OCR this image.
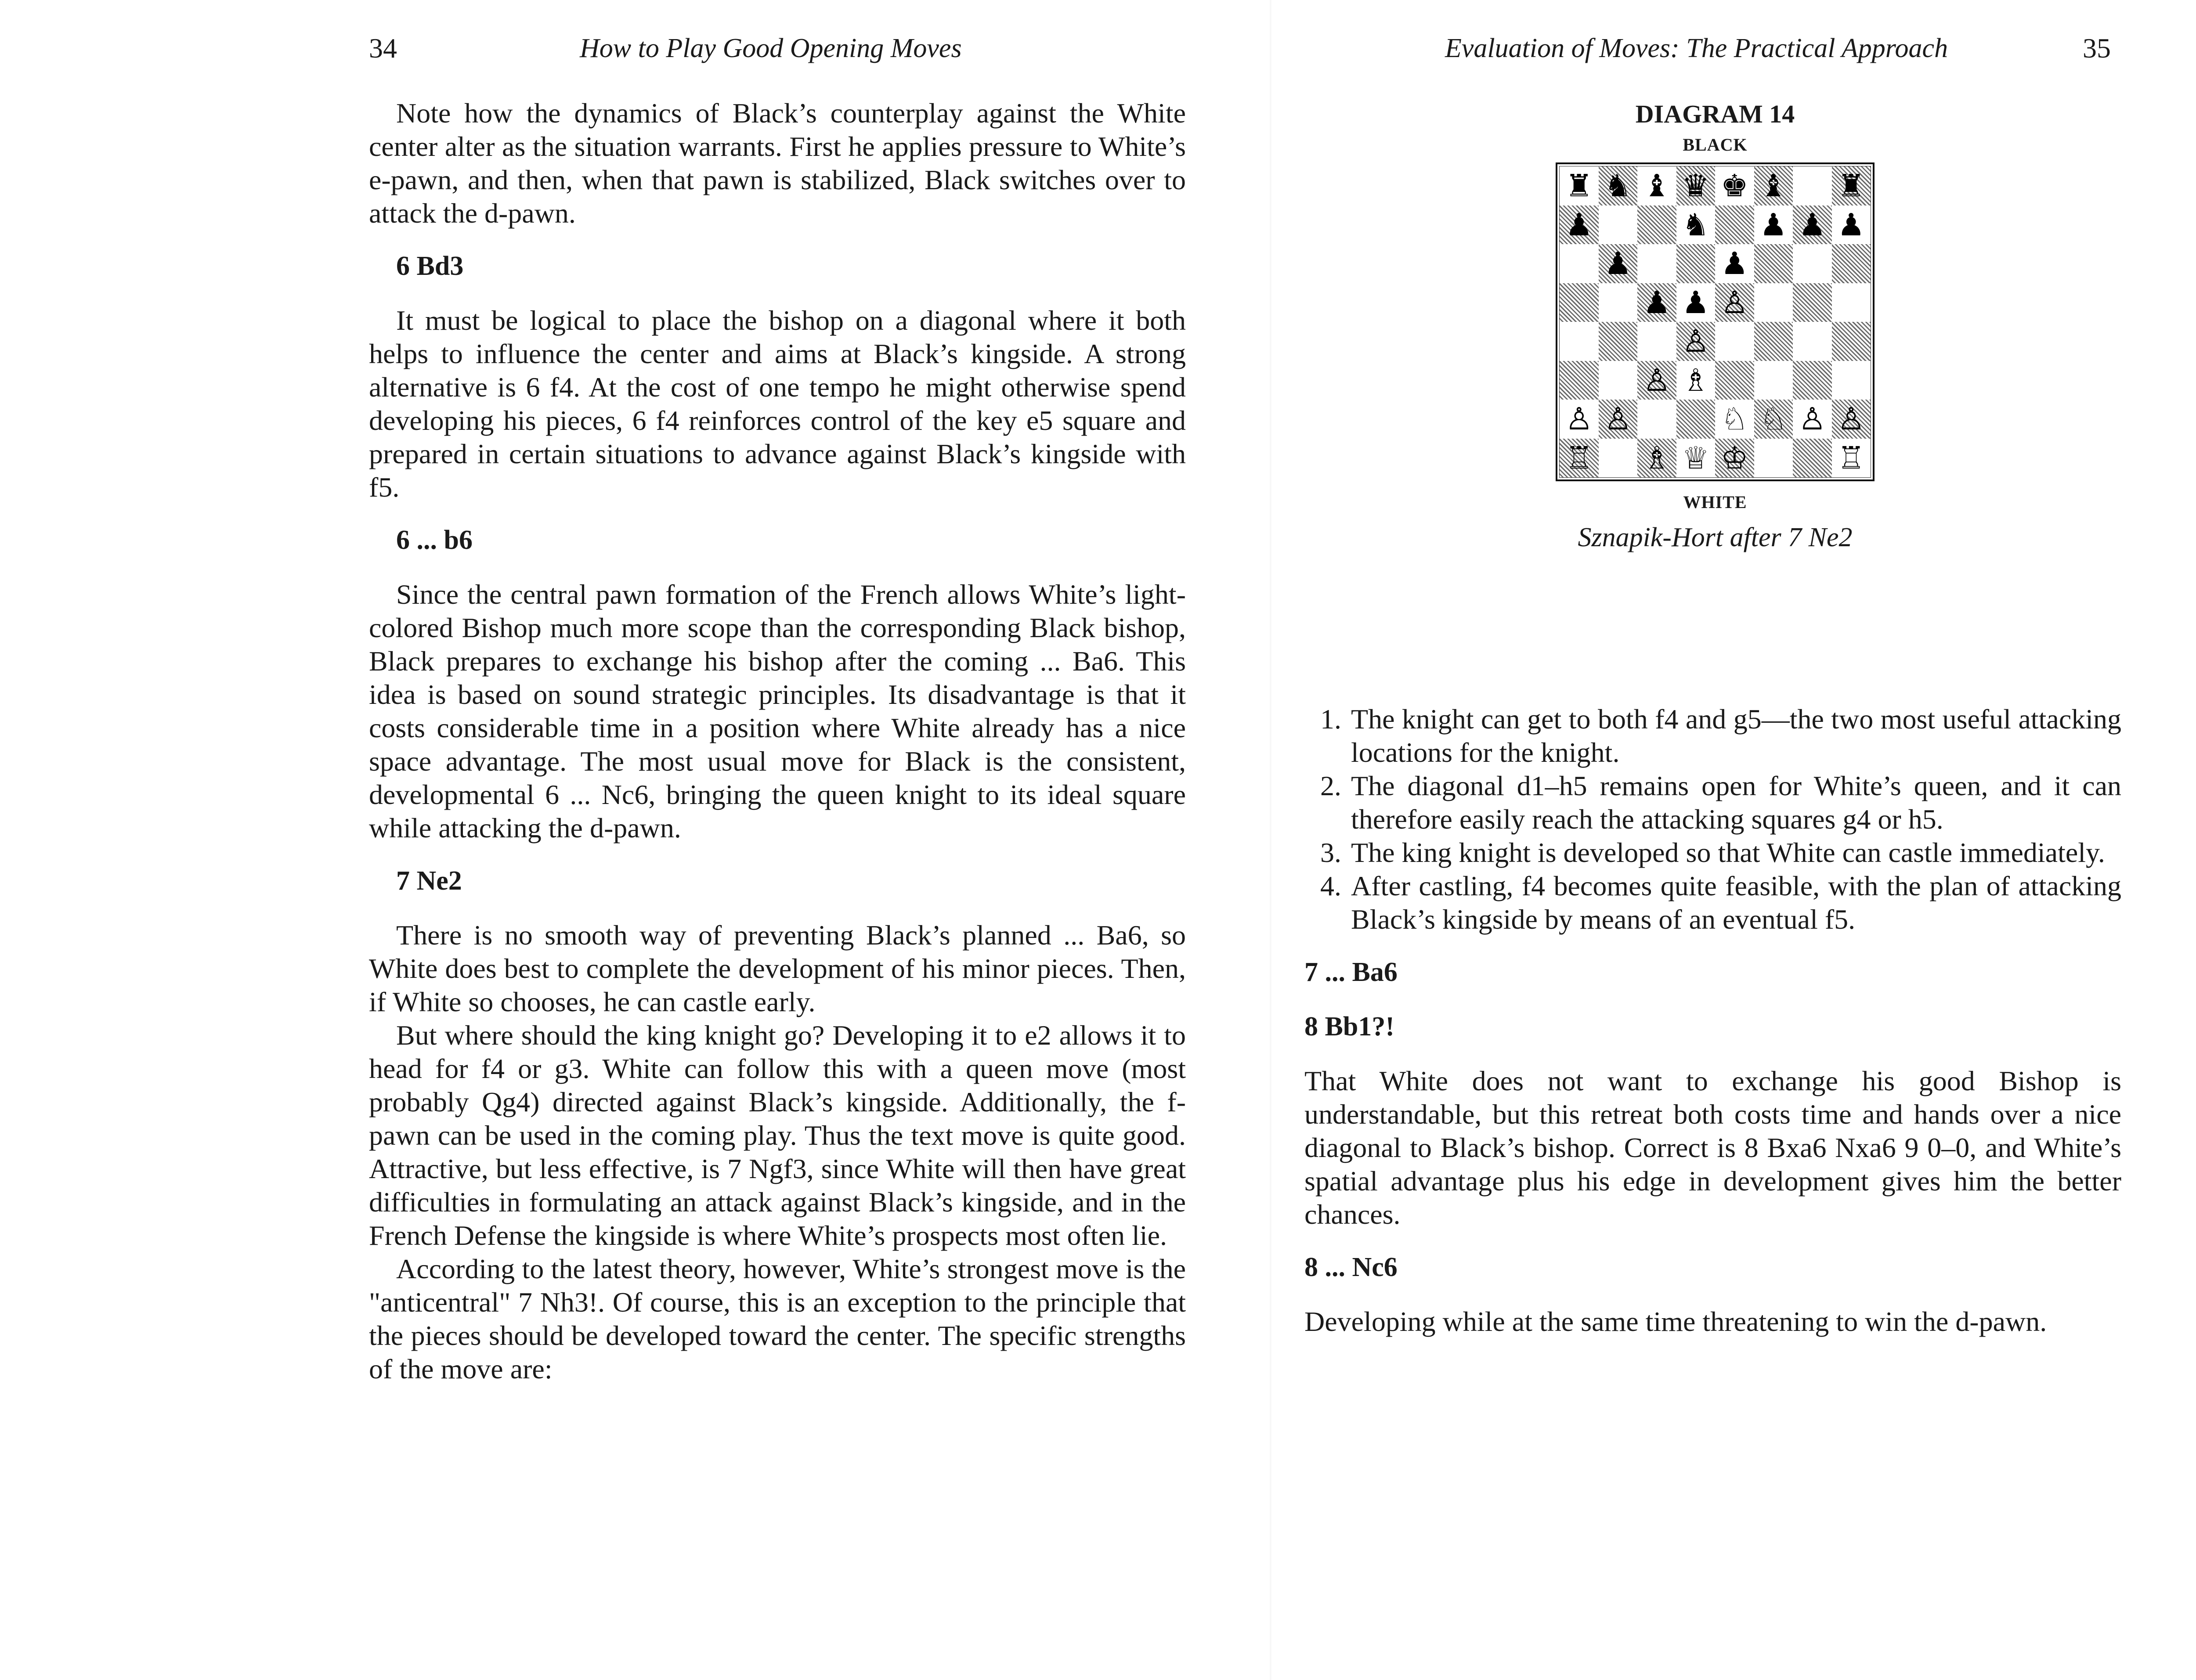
34	How to Play Good Opening Moves

Note how the dynamics of Black’s counterplay against the White center alter as the situation warrants. First he applies pressure to White’s e-pawn, and then, when that pawn is stabilized, Black switches over to attack the d-pawn.

6 Bd3

It must be logical to place the bishop on a diagonal where it both helps to influence the center and aims at Black’s kingside. A strong alternative is 6 f4. At the cost of one tempo he might otherwise spend developing his pieces, 6 f4 reinforces control of the key e5 square and prepared in certain situations to advance against Black’s kingside with f5.

6 ... b6

Since the central pawn formation of the French allows White’s light-colored Bishop much more scope than the corresponding Black bishop, Black prepares to exchange his bishop after the coming ... Ba6. This idea is based on sound strategic principles. Its disadvantage is that it costs considerable time in a position where White already has a nice space advantage. The most usual move for Black is the consistent, developmental 6 ... Nc6, bringing the queen knight to its ideal square while attacking the d-pawn.

7 Ne2

There is no smooth way of preventing Black’s planned ... Ba6, so White does best to complete the development of his minor pieces. Then, if White so chooses, he can castle early.

But where should the king knight go? Developing it to e2 allows it to head for f4 or g3. White can follow this with a queen move (most probably Qg4) directed against Black’s kingside. Additionally, the f-pawn can be used in the coming play. Thus the text move is quite good. Attractive, but less effective, is 7 Ngf3, since White will then have great difficulties in formulating an attack against Black’s kingside, and in the French Defense the kingside is where White’s prospects most often lie.

According to the latest theory, however, White’s strongest move is the "anticentral" 7 Nh3!. Of course, this is an exception to the principle that the pieces should be developed toward the center. The specific strengths of the move are:

Evaluation of Moves: The Practical Approach	35
DIAGRAM 14
BLACK
♜ ♞ ♝ ♛ ♚ ♝ ♜
♟	♞ ♟ ♟ ♟
♟	♟
♟ ♟ ♙
♙
♙ ♗
♙ ♙	♘ ♘ ♙ ♙
♖ ♗ ♕ ♔	♖
WHITE
Sznapik-Hort after 7 Ne2
1. The knight can get to both f4 and g5—the two most useful attacking locations for the knight.
2. The diagonal d1–h5 remains open for White’s queen, and it can therefore easily reach the attacking squares g4 or h5.
3. The king knight is developed so that White can castle immediately.
4. After castling, f4 becomes quite feasible, with the plan of attacking Black’s kingside by means of an eventual f5.
7 ... Ba6
8 Bb1?!

That White does not want to exchange his good Bishop is understandable, but this retreat both costs time and hands over a nice diagonal to Black’s bishop. Correct is 8 Bxa6 Nxa6 9 0–0, and White’s spatial advantage plus his edge in development gives him the better chances.

8 ... Nc6

Developing while at the same time threatening to win the d-pawn.
